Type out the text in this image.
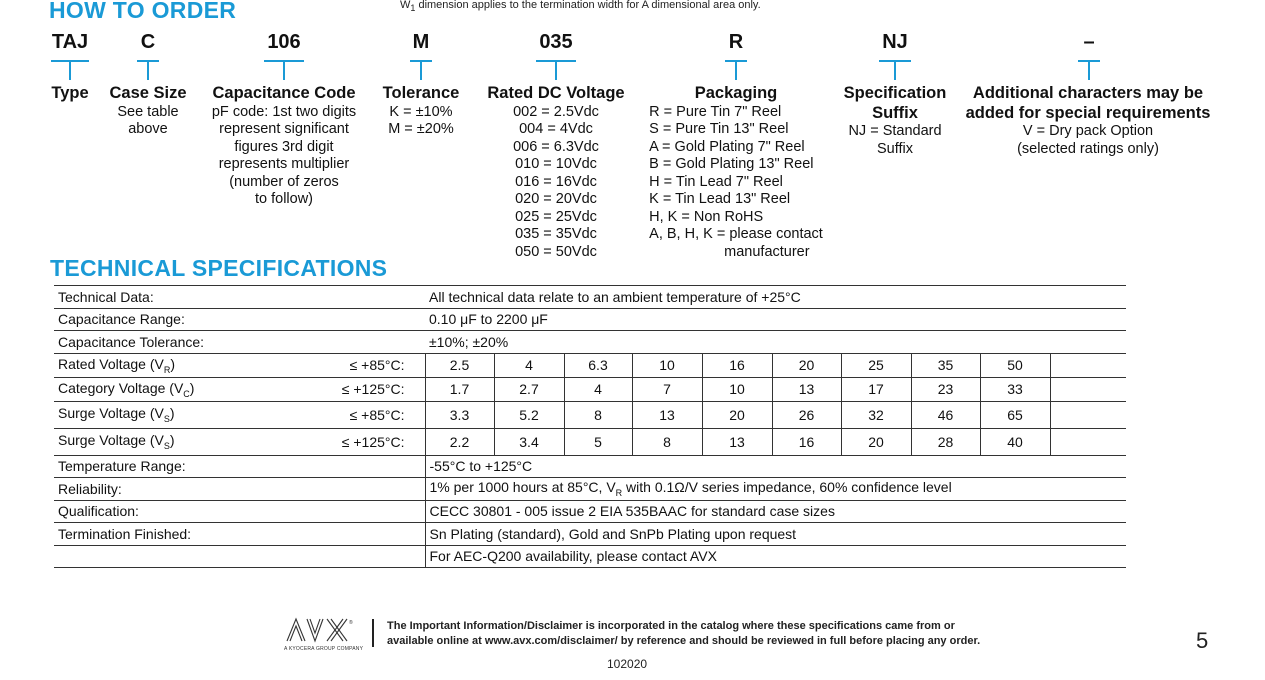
HOW TO ORDER	$W_1$ dimension applies to the termination width for A dimensional area only.
TAJ	C	106	M	035	R	NJ	–
Type Case Size
See table
above
Capacitance Code
pF code: 1st two digits
represent significant
figures 3rd digit
represents multiplier
(number of zeros
to follow)
Tolerance
K = ±10%
M = ±20%
Rated DC Voltage
002 = 2.5Vdc
004 = 4Vdc
006 = 6.3Vdc
010 = 10Vdc
016 = 16Vdc
020 = 20Vdc
025 = 25Vdc
035 = 35Vdc
050 = 50Vdc
Packaging
R = Pure Tin 7" Reel
S = Pure Tin 13" Reel
A = Gold Plating 7" Reel
B = Gold Plating 13" Reel
H = Tin Lead 7" Reel
K = Tin Lead 13" Reel
H, K = Non RoHS
A, B, H, K = please contact
manufacturer
Specification
Suffix
NJ = Standard
Suffix
Additional characters may be
added for special requirements
V = Dry pack Option
(selected ratings only)
TECHNICAL SPECIFICATIONS
Technical Data:		All technical data relate to an ambient temperature of +25°C									
Capacitance Range:		0.10 μF to 2200 μF									
Capacitance Tolerance:		±10%; ±20%									
Rated Voltage $(V_R)$	≤ +85°C:	2.5	4	6.3	10	16	20	25	35	50	
Category Voltage $(V_C)$	≤ +125°C:	1.7	2.7	4	7	10	13	17	23	33	
Surge Voltage $(V_S)$	≤ +85°C:	3.3	5.2	8	13	20	26	32	46	65	
Surge Voltage $(V_S)$	≤ +125°C:	2.2	3.4	5	8	13	16	20	28	40	
Temperature Range:		-55°C to +125°C									
Reliability:		1% per 1000 hours at 85°C, $V_R$ with 0.1Ω/V series impedance, 60% confidence level									
Qualification:		CECC 30801 - 005 issue 2 EIA 535BAAC for standard case sizes									
Termination Finished:		Sn Plating (standard), Gold and SnPb Plating upon request									
		For AEC-Q200 availability, please contact AVX									
®
A KYOCERA GROUP COMPANY
The Important Information/Disclaimer is incorporated in the catalog where these specifications came from or
available online at www.avx.com/disclaimer/ by reference and should be reviewed in full before placing any order.	5
102020
